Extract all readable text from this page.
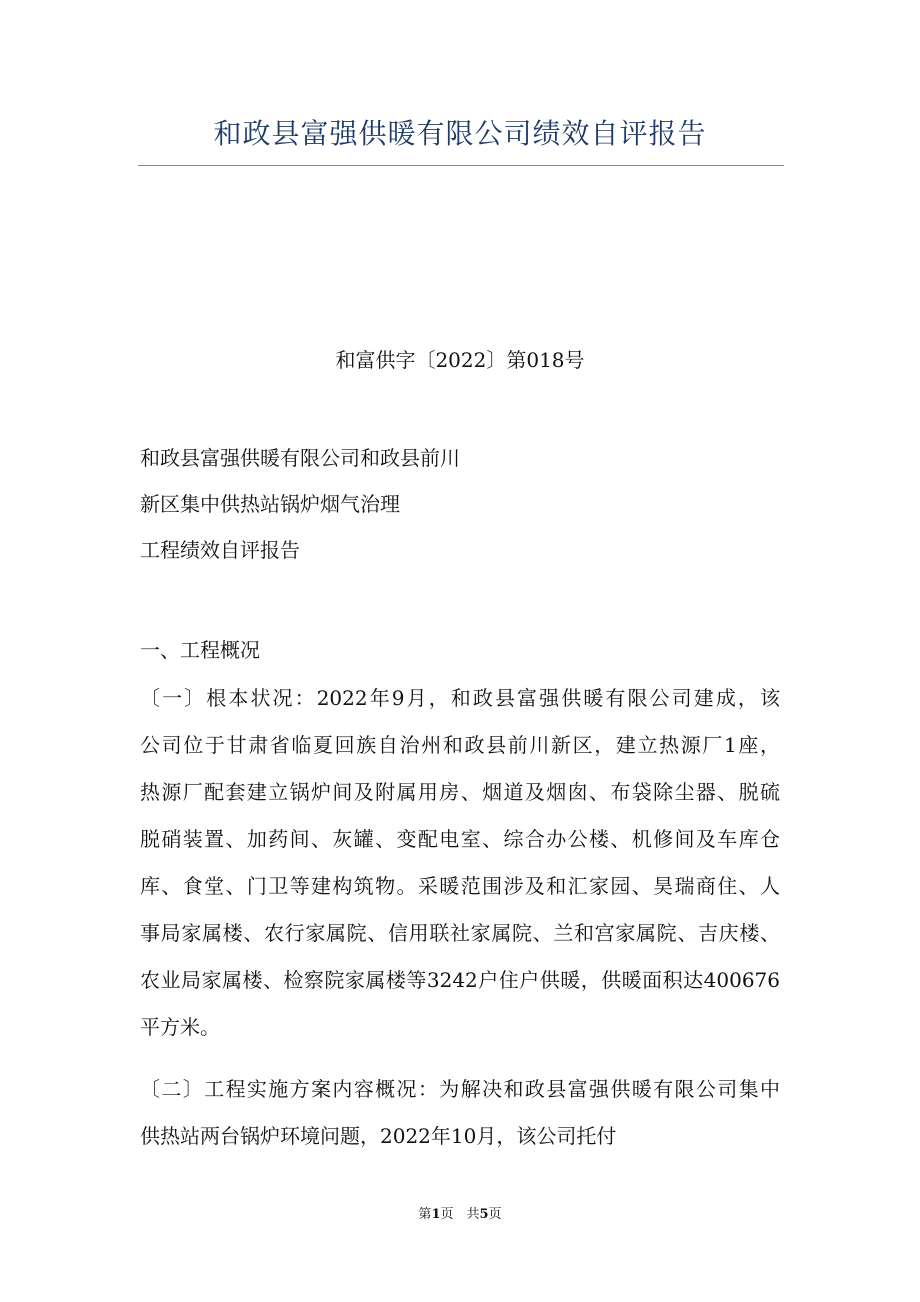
和政县富强供暖有限公司绩效自评报告
和富供字〔2022〕第018号
和政县富强供暖有限公司和政县前川
新区集中供热站锅炉烟气治理
工程绩效自评报告
一、工程概况
〔一〕根本状况：2022年9月，和政县富强供暖有限公司建成，该
公司位于甘肃省临夏回族自治州和政县前川新区，建立热源厂1座，
热源厂配套建立锅炉间及附属用房、烟道及烟囱、布袋除尘器、脱硫
脱硝装置、加药间、灰罐、变配电室、综合办公楼、机修间及车库仓
库、食堂、门卫等建构筑物。采暖范围涉及和汇家园、昊瑞商住、人
事局家属楼、农行家属院、信用联社家属院、兰和宫家属院、吉庆楼、
农业局家属楼、检察院家属楼等3242户住户供暖，供暖面积达400676
平方米。
〔二〕工程实施方案内容概况：为解决和政县富强供暖有限公司集中
供热站两台锅炉环境问题，2022年10月，该公司托付
第1页　共5页
